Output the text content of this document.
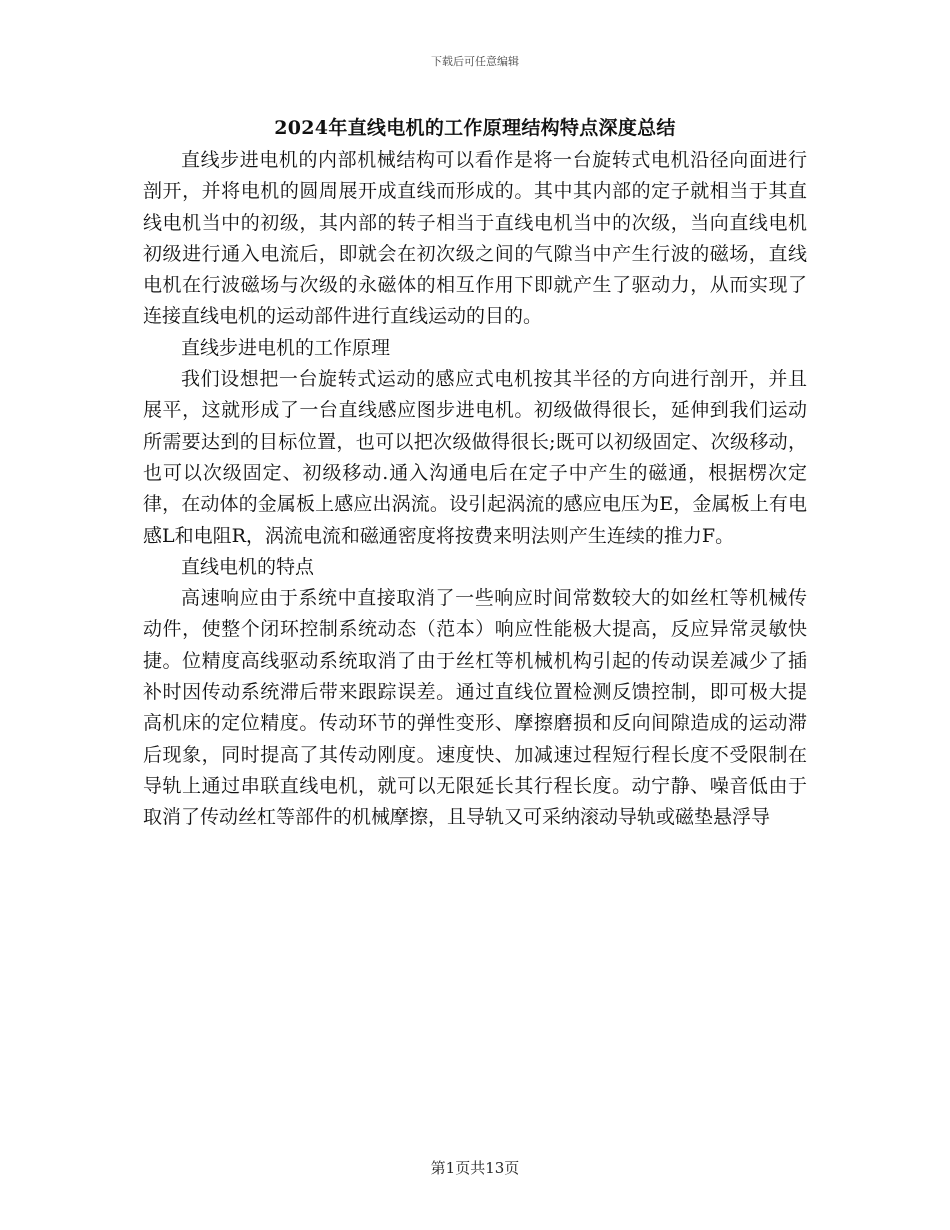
下载后可任意编辑
2024年直线电机的工作原理结构特点深度总结

直线步进电机的内部机械结构可以看作是将一台旋转式电机沿径向面进行剖开，并将电机的圆周展开成直线而形成的。其中其内部的定子就相当于其直线电机当中的初级，其内部的转子相当于直线电机当中的次级，当向直线电机初级进行通入电流后，即就会在初次级之间的气隙当中产生行波的磁场，直线电机在行波磁场与次级的永磁体的相互作用下即就产生了驱动力，从而实现了连接直线电机的运动部件进行直线运动的目的。

直线步进电机的工作原理

我们设想把一台旋转式运动的感应式电机按其半径的方向进行剖开，并且展平，这就形成了一台直线感应图步进电机。初级做得很长，延伸到我们运动所需要达到的目标位置，也可以把次级做得很长;既可以初级固定、次级移动，也可以次级固定、初级移动.通入沟通电后在定子中产生的磁通，根据楞次定律，在动体的金属板上感应出涡流。设引起涡流的感应电压为E，金属板上有电感L和电阻R，涡流电流和磁通密度将按费来明法则产生连续的推力F。

直线电机的特点

高速响应由于系统中直接取消了一些响应时间常数较大的如丝杠等机械传动件，使整个闭环控制系统动态（范本）响应性能极大提高，反应异常灵敏快捷。位精度高线驱动系统取消了由于丝杠等机械机构引起的传动误差减少了插补时因传动系统滞后带来跟踪误差。通过直线位置检测反馈控制，即可极大提高机床的定位精度。传动环节的弹性变形、摩擦磨损和反向间隙造成的运动滞后现象，同时提高了其传动刚度。速度快、加减速过程短行程长度不受限制在导轨上通过串联直线电机，就可以无限延长其行程长度。动宁静、噪音低由于取消了传动丝杠等部件的机械摩擦，且导轨又可采纳滚动导轨或磁垫悬浮导

第1页共13页
